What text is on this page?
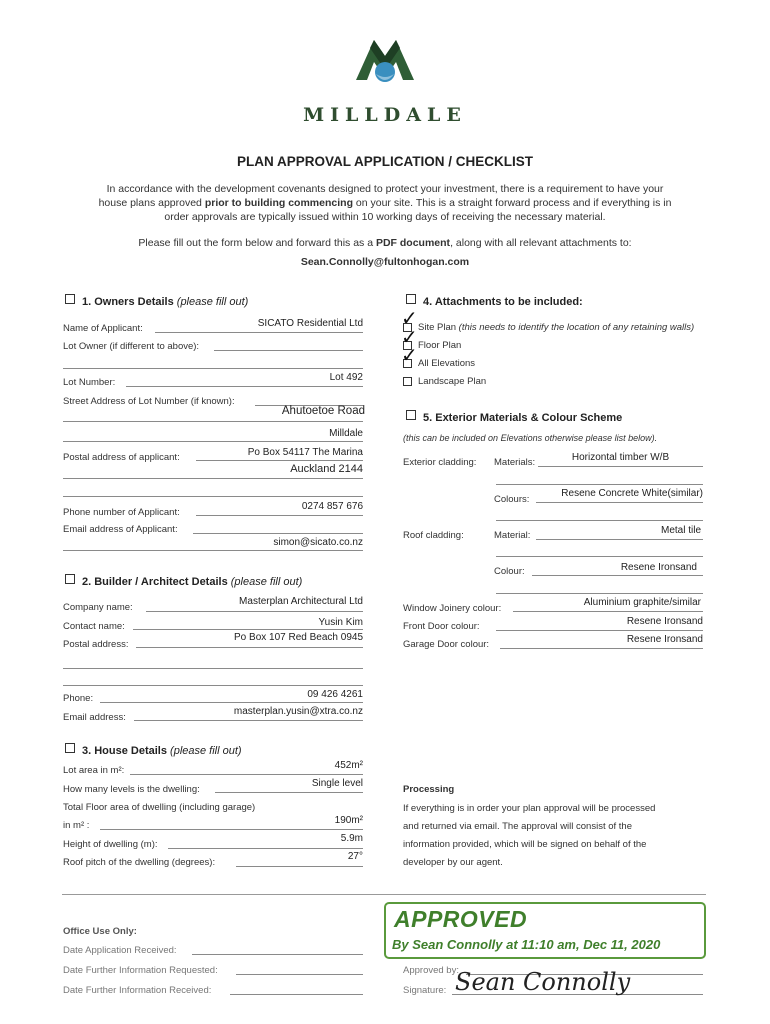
MILLDALE
PLAN APPROVAL APPLICATION / CHECKLIST
In accordance with the development covenants designed to protect your investment, there is a requirement to have your
house plans approved prior to building commencing on your site. This is a straight forward process and if everything is in
order approvals are typically issued within 10 working days of receiving the necessary material.
Please fill out the form below and forward this as a PDF document, along with all relevant attachments to:
Sean.Connolly@fultonhogan.com
1. Owners Details (please fill out)
Name of Applicant:	SICATO Residential Ltd
Lot Owner (if different to above):
Lot Number:	Lot 492
Street Address of Lot Number (if known):
Ahutoetoe Road
Milldale
Postal address of applicant:	Po Box 54117 The Marina
Auckland 2144
Phone number of Applicant:
0274 857 676
Email address of Applicant:
simon@sicato.co.nz
2. Builder / Architect Details (please fill out)
Company name:
Masterplan Architectural Ltd
Contact name:	Yusin Kim
Postal address:
Po Box 107 Red Beach 0945
Phone:	09 426 4261
Email address:
masterplan.yusin@xtra.co.nz
3. House Details (please fill out)
Lot area in m²:	452m²
How many levels is the dwelling:
Single level
Total Floor area of dwelling (including garage)
in m² :	190m²
Height of dwelling (m):
5.9m
Roof pitch of the dwelling (degrees):
27°
4. Attachments to be included:
✓ Site Plan (this needs to identify the location of any retaining walls)
✓ Floor Plan
✓ All Elevations
Landscape Plan
5. Exterior Materials & Colour Scheme
(this can be included on Elevations otherwise please list below).
Exterior cladding: Materials:	Horizontal timber W/B
Colours:
Resene Concrete White(similar)
Roof cladding:	Material:	Metal tile
Colour:	Resene Ironsand
Window Joinery colour:
Aluminium graphite/similar
Front Door colour:	Resene Ironsand
Garage Door colour:	Resene Ironsand
Processing
If everything is in order your plan approval will be processed
and returned via email. The approval will consist of the
information provided, which will be signed on behalf of the
developer by our agent.
Office Use Only:
Date Application Received:
Date Further Information Requested:
Date Further Information Received:
Approved by:
Signature: Sean Connolly
APPROVED
By Sean Connolly at 11:10 am, Dec 11, 2020
